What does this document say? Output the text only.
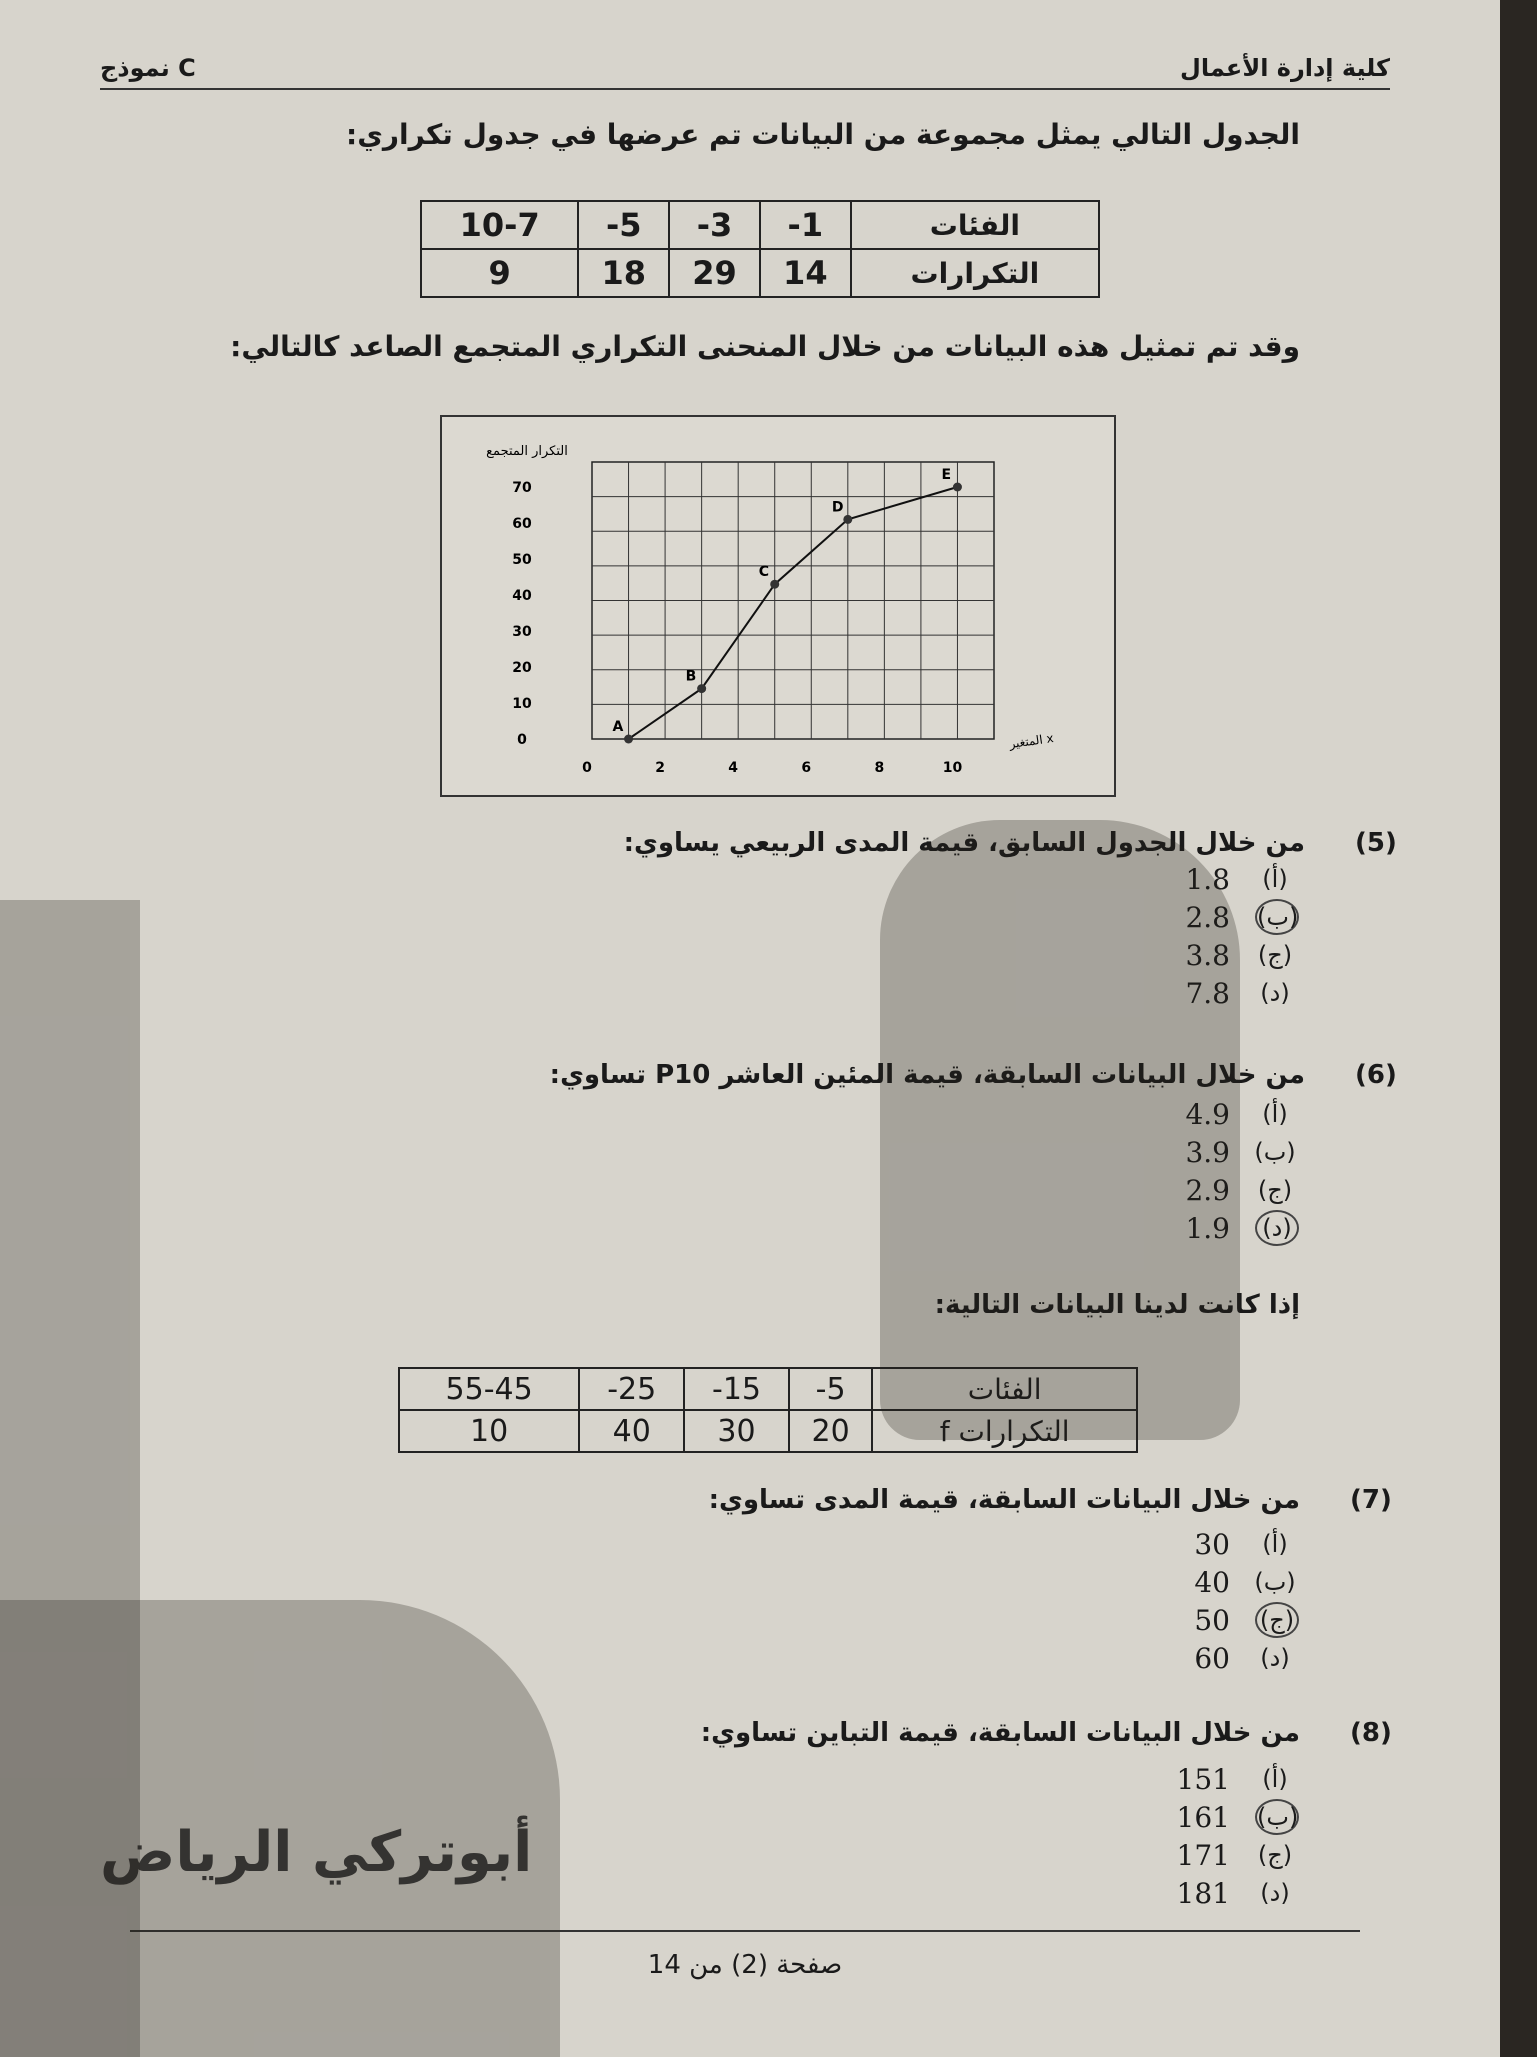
نموذج C	كلية إدارة الأعمال
الجدول التالي يمثل مجموعة من البيانات تم عرضها في جدول تكراري:
الفئات	1-	3-	5-	10-7
التكرارات	14	29	18	9
وقد تم تمثيل هذه البيانات من خلال المنحنى التكراري المتجمع الصاعد كالتالي:
التكرار المتجمع
المتغير x
0
10
20
30
40
50
60
70
0	2	4	6	8	10
A
B
C
D
E
(5)
من خلال الجدول السابق، قيمة المدى الربيعي يساوي:
1.8	(أ)
2.8 (ب)
3.8	(ج)
7.8	(د)
(6)
من خلال البيانات السابقة، قيمة المئين العاشر P10 تساوي:
4.9	(أ)
3.9 (ب)
2.9	(ج)
1.9	(د)
إذا كانت لدينا البيانات التالية:
الفئات	5-	15-	25-	55-45
التكرارات f	20	30	40	10
(7)
من خلال البيانات السابقة، قيمة المدى تساوي:
30	(أ)
40 (ب)
50 (ج)
60	(د)
(8)
من خلال البيانات السابقة، قيمة التباين تساوي:
151	(أ)
161 (ب)
171	(ج)
181	(د)
أبوتركي الرياض
صفحة (2) من 14
